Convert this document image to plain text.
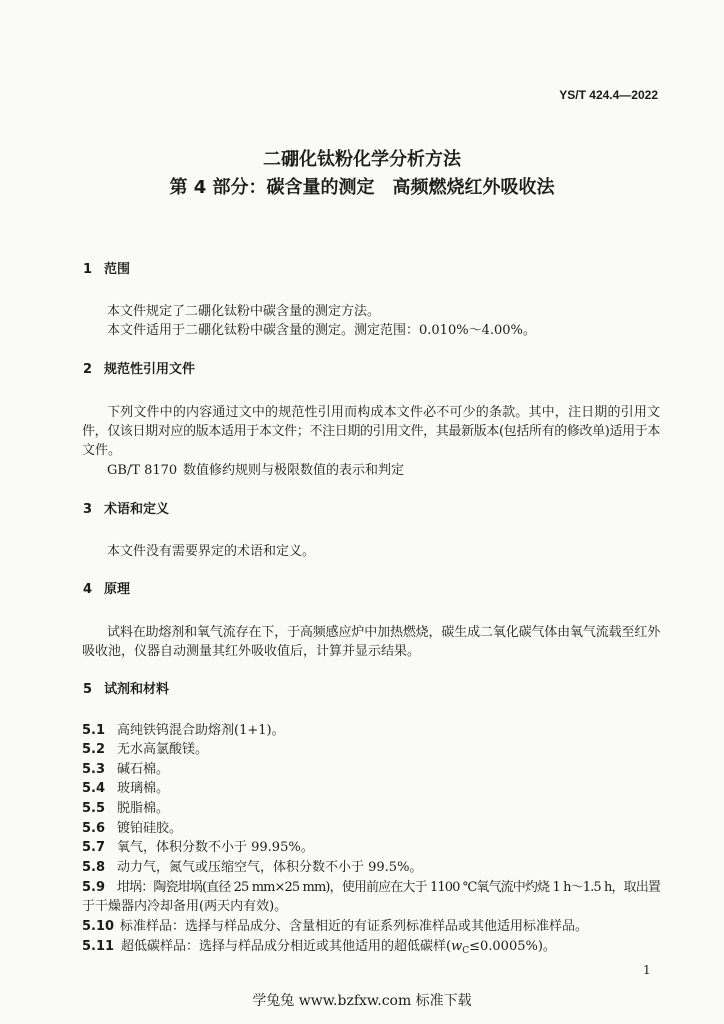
YS/T 424.4—2022
二硼化钛粉化学分析方法
第 4 部分：碳含量的测定　高频燃烧红外吸收法
1 范围
本文件规定了二硼化钛粉中碳含量的测定方法。
本文件适用于二硼化钛粉中碳含量的测定。测定范围：0.010%～4.00%。
2 规范性引用文件
下列文件中的内容通过文中的规范性引用而构成本文件必不可少的条款。其中，注日期的引用文
件，仅该日期对应的版本适用于本文件；不注日期的引用文件，其最新版本(包括所有的修改单)适用于本
文件。
GB/T 8170 数值修约规则与极限数值的表示和判定
3 术语和定义
本文件没有需要界定的术语和定义。
4 原理
试料在助熔剂和氧气流存在下，于高频感应炉中加热燃烧，碳生成二氧化碳气体由氧气流载至红外
吸收池，仪器自动测量其红外吸收值后，计算并显示结果。
5 试剂和材料
5.1 高纯铁钨混合助熔剂(1+1)。
5.2 无水高氯酸镁。
5.3 碱石棉。
5.4 玻璃棉。
5.5 脱脂棉。
5.6 镀铂硅胶。
5.7 氧气，体积分数不小于 99.95%。
5.8 动力气，氮气或压缩空气，体积分数不小于 99.5%。
5.9 坩埚：陶瓷坩埚(直径 25 mm×25 mm)，使用前应在大于 1100 ℃氧气流中灼烧 1 h～1.5 h，取出置
于干燥器内冷却备用(两天内有效)。
5.10 标准样品：选择与样品成分、含量相近的有证系列标准样品或其他适用标准样品。
5.11 超低碳样品：选择与样品成分相近或其他适用的超低碳样$(w_C\le 0.0005\%)$。
1
学兔兔 www.bzfxw.com 标准下载
